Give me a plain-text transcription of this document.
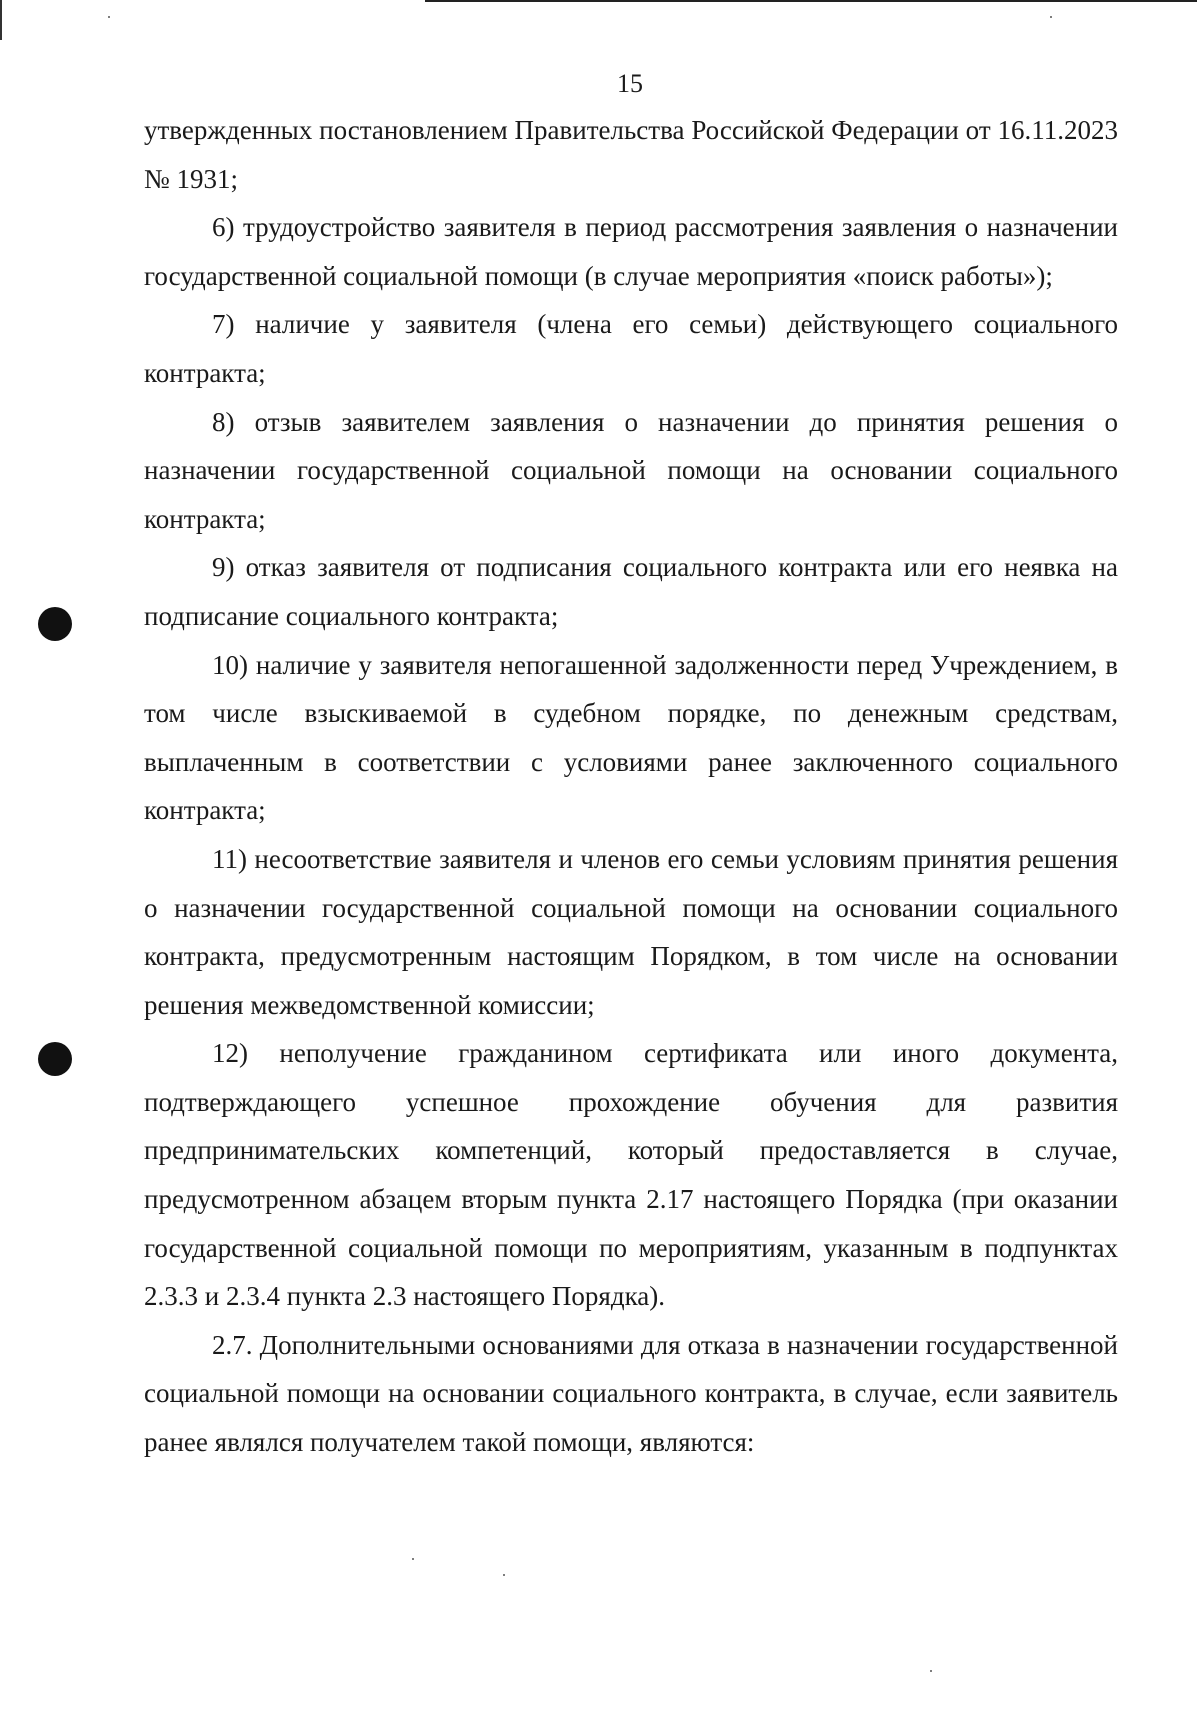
15

утвержденных постановлением Правительства Российской Федерации от 16.11.2023 № 1931;

6) трудоустройство заявителя в период рассмотрения заявления о назначении государственной социальной помощи (в случае мероприятия «поиск работы»);

7) наличие у заявителя (члена его семьи) действующего социального контракта;

8) отзыв заявителем заявления о назначении до принятия решения о назначении государственной социальной помощи на основании социального контракта;

9) отказ заявителя от подписания социального контракта или его неявка на подписание социального контракта;

10) наличие у заявителя непогашенной задолженности перед Учреждением, в том числе взыскиваемой в судебном порядке, по денежным средствам, выплаченным в соответствии с условиями ранее заключенного социального контракта;

11) несоответствие заявителя и членов его семьи условиям принятия решения о назначении государственной социальной помощи на основании социального контракта, предусмотренным настоящим Порядком, в том числе на основании решения межведомственной комиссии;

12) неполучение гражданином сертификата или иного документа, подтверждающего успешное прохождение обучения для развития предпринимательских компетенций, который предоставляется в случае, предусмотренном абзацем вторым пункта 2.17 настоящего Порядка (при оказании государственной социальной помощи по мероприятиям, указанным в подпунктах 2.3.3 и 2.3.4 пункта 2.3 настоящего Порядка).

2.7. Дополнительными основаниями для отказа в назначении государственной социальной помощи на основании социального контракта, в случае, если заявитель ранее являлся получателем такой помощи, являются:
